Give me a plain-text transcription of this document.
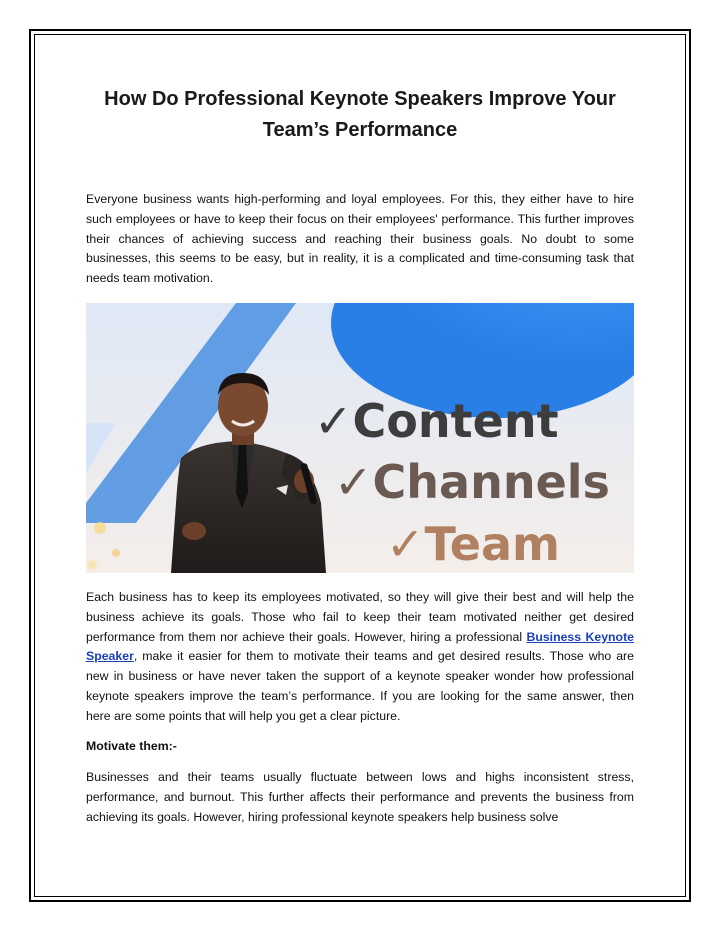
How Do Professional Keynote Speakers Improve Your Team’s Performance
Everyone business wants high-performing and loyal employees. For this, they either have to hire such employees or have to keep their focus on their employees' performance. This further improves their chances of achieving success and reaching their business goals. No doubt to some businesses, this seems to be easy, but in reality, it is a complicated and time-consuming task that needs team motivation.
✓Content
✓Channels
✓Team
Each business has to keep its employees motivated, so they will give their best and will help the business achieve its goals. Those who fail to keep their team motivated neither get desired performance from them nor achieve their goals. However, hiring a professional Business Keynote Speaker, make it easier for them to motivate their teams and get desired results. Those who are new in business or have never taken the support of a keynote speaker wonder how professional keynote speakers improve the team’s performance. If you are looking for the same answer, then here are some points that will help you get a clear picture.
Motivate them:-
Businesses and their teams usually fluctuate between lows and highs inconsistent stress, performance, and burnout. This further affects their performance and prevents the business from achieving its goals. However, hiring professional keynote speakers help business solve
